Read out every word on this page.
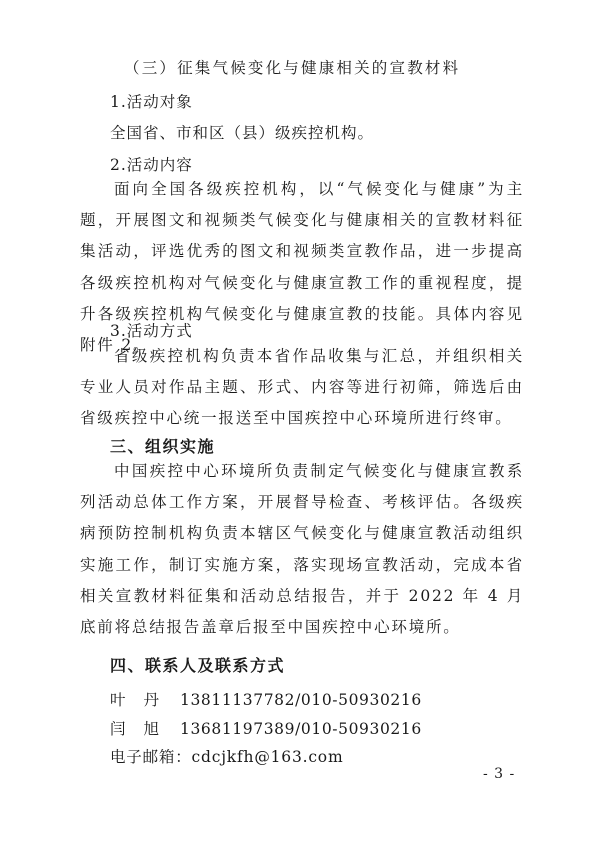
（三）征集气候变化与健康相关的宣教材料
1.活动对象
全国省、市和区（县）级疾控机构。
2.活动内容

面向全国各级疾控机构，以“气候变化与健康”为主题，开展图文和视频类气候变化与健康相关的宣教材料征集活动，评选优秀的图文和视频类宣教作品，进一步提高各级疾控机构对气候变化与健康宣教工作的重视程度，提升各级疾控机构气候变化与健康宣教的技能。具体内容见附件 2。

3.活动方式

省级疾控机构负责本省作品收集与汇总，并组织相关专业人员对作品主题、形式、内容等进行初筛，筛选后由省级疾控中心统一报送至中国疾控中心环境所进行终审。

三、组织实施

中国疾控中心环境所负责制定气候变化与健康宣教系列活动总体工作方案，开展督导检查、考核评估。各级疾病预防控制机构负责本辖区气候变化与健康宣教活动组织实施工作，制订实施方案，落实现场宣教活动，完成本省相关宣教材料征集和活动总结报告，并于 2022 年 4 月底前将总结报告盖章后报至中国疾控中心环境所。

四、联系人及联系方式
叶丹 13811137782/010-50930216
闫旭 13681197389/010-50930216
电子邮箱：cdcjkfh@163.com
- 3 -
